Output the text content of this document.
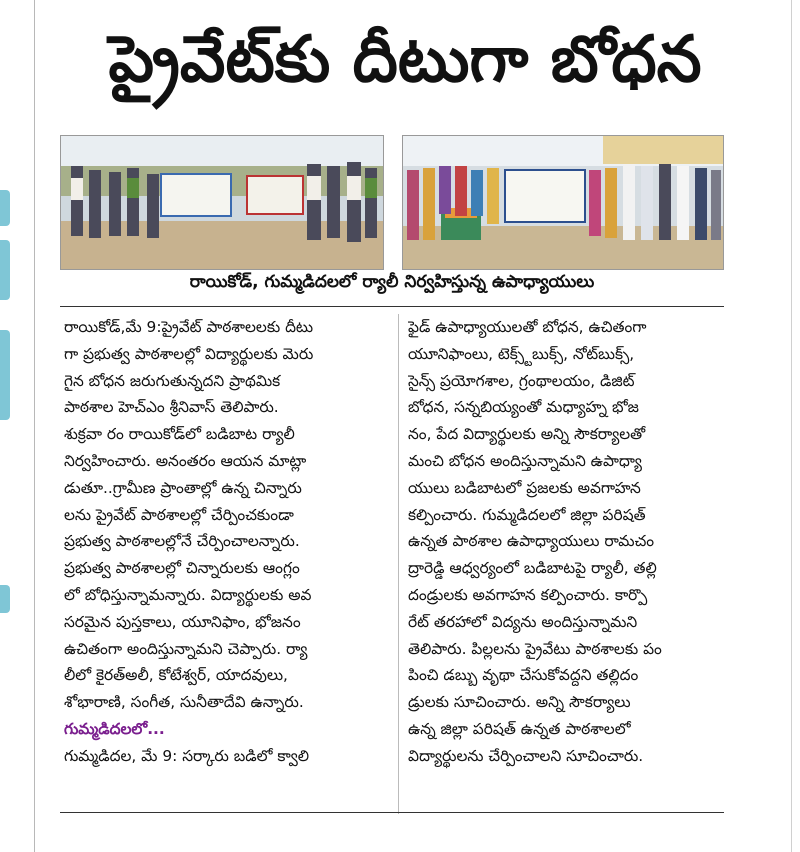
ప్రైవేట్‌కు దీటుగా బోధన
రాయికోడ్, గుమ్మడిదలలో ర్యాలీ నిర్వహిస్తున్న ఉపాధ్యాయులు
రాయికోడ్,మే 9:ప్రైవేట్ పాఠశాలలకు దీటు
గా ప్రభుత్వ పాఠశాలల్లో విద్యార్థులకు మెరు
గైన బోధన జరుగుతున్నదని ప్రాథమిక
పాఠశాల హెచ్‌ఎం శ్రీనివాస్ తెలిపారు.
శుక్రవా రం రాయికోడ్‌లో బడిబాట ర్యాలీ
నిర్వహించారు. అనంతరం ఆయన మాట్లా
డుతూ..గ్రామీణ ప్రాంతాల్లో ఉన్న చిన్నారు
లను ప్రైవేట్ పాఠశాలల్లో చేర్పించకుండా
ప్రభుత్వ పాఠశాలల్లోనే చేర్పించాలన్నారు.
ప్రభుత్వ పాఠశాలల్లో చిన్నారులకు ఆంగ్లం
లో బోధిస్తున్నామన్నారు. విద్యార్థులకు అవ
సరమైన పుస్తకాలు, యూనిఫాం, భోజనం
ఉచితంగా అందిస్తున్నామని చెప్పారు. ర్యా
లీలో కైరత్‌అలీ, కోటేశ్వర్, యాదవులు,
శోభారాణి, సంగీత, సునీతాదేవి ఉన్నారు.
గుమ్మడిదలలో...
గుమ్మడిదల, మే 9: సర్కారు బడిలో క్వాలి
ఫైడ్ ఉపాధ్యాయులతో బోధన, ఉచితంగా
యూనిఫాంలు, టెక్స్ట్‌బుక్స్, నోట్‌బుక్స్,
సైన్స్ ప్రయోగశాల, గ్రంథాలయం, డిజిట్
బోధన, సన్నబియ్యంతో మధ్యాహ్న భోజ
నం, పేద విద్యార్థులకు అన్ని సౌకర్యాలతో
మంచి బోధన అందిస్తున్నామని ఉపాధ్యా
యులు బడిబాటలో ప్రజలకు అవగాహన
కల్పించారు. గుమ్మడిదలలో జిల్లా పరిషత్
ఉన్నత పాఠశాల ఉపాధ్యాయులు రామచం
ద్రారెడ్డి ఆధ్వర్యంలో బడిబాటపై ర్యాలీ, తల్లి
దండ్రులకు అవగాహన కల్పించారు. కార్పొ
రేట్ తరహాలో విద్యను అందిస్తున్నామని
తెలిపారు. పిల్లలను ప్రైవేటు పాఠశాలకు పం
పించి డబ్బు వృథా చేసుకోవద్దని తల్లిదం
డ్రులకు సూచించారు. అన్ని సౌకర్యాలు
ఉన్న జిల్లా పరిషత్ ఉన్నత పాఠశాలలో
విద్యార్థులను చేర్పించాలని సూచించారు.
